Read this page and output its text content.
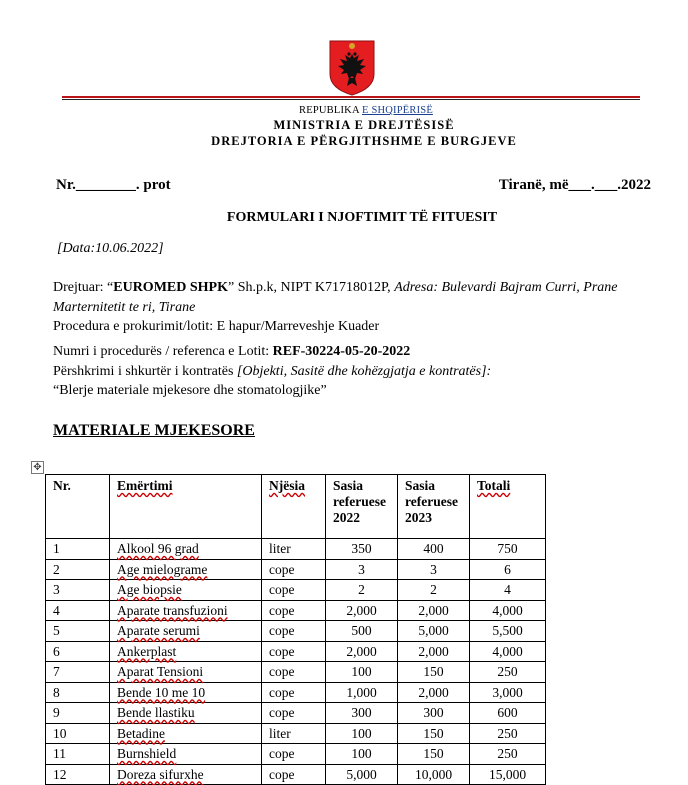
REPUBLIKA E SHQIPËRISË
MINISTRIA E DREJTËSISË
DREJTORIA E PËRGJITHSHME E BURGJEVE
Nr.________. prot	Tiranë, më___.___.2022
FORMULARI I NJOFTIMIT TË FITUESIT
[Data:10.06.2022]
Drejtuar: “EUROMED SHPK” Sh.p.k, NIPT K71718012P, Adresa: Bulevardi Bajram Curri, Prane
Marternitetit te ri, Tirane
Procedura e prokurimit/lotit: E hapur/Marreveshje Kuader
Numri i procedurës / referenca e Lotit: REF-30224-05-20-2022
Përshkrimi i shkurtër i kontratës [Objekti, Sasitë dhe kohëzgjatja e kontratës]:
“Blerje materiale mjekesore dhe stomatologjike”
MATERIALE MJEKESORE
✥
Nr.	Emërtimi	Njësia	Sasia referuese 2022	Sasia referuese 2023	Totali
1	Alkool 96 grad	liter	350	400	750
2	Age mielograme	cope	3	3	6
3	Age biopsie	cope	2	2	4
4	Aparate transfuzioni	cope	2,000	2,000	4,000
5	Aparate serumi	cope	500	5,000	5,500
6	Ankerplast	cope	2,000	2,000	4,000
7	Aparat Tensioni	cope	100	150	250
8	Bende 10 me 10	cope	1,000	2,000	3,000
9	Bende llastiku	cope	300	300	600
10	Betadine	liter	100	150	250
11	Burnshield	cope	100	150	250
12	Doreza sifurxhe	cope	5,000	10,000	15,000
